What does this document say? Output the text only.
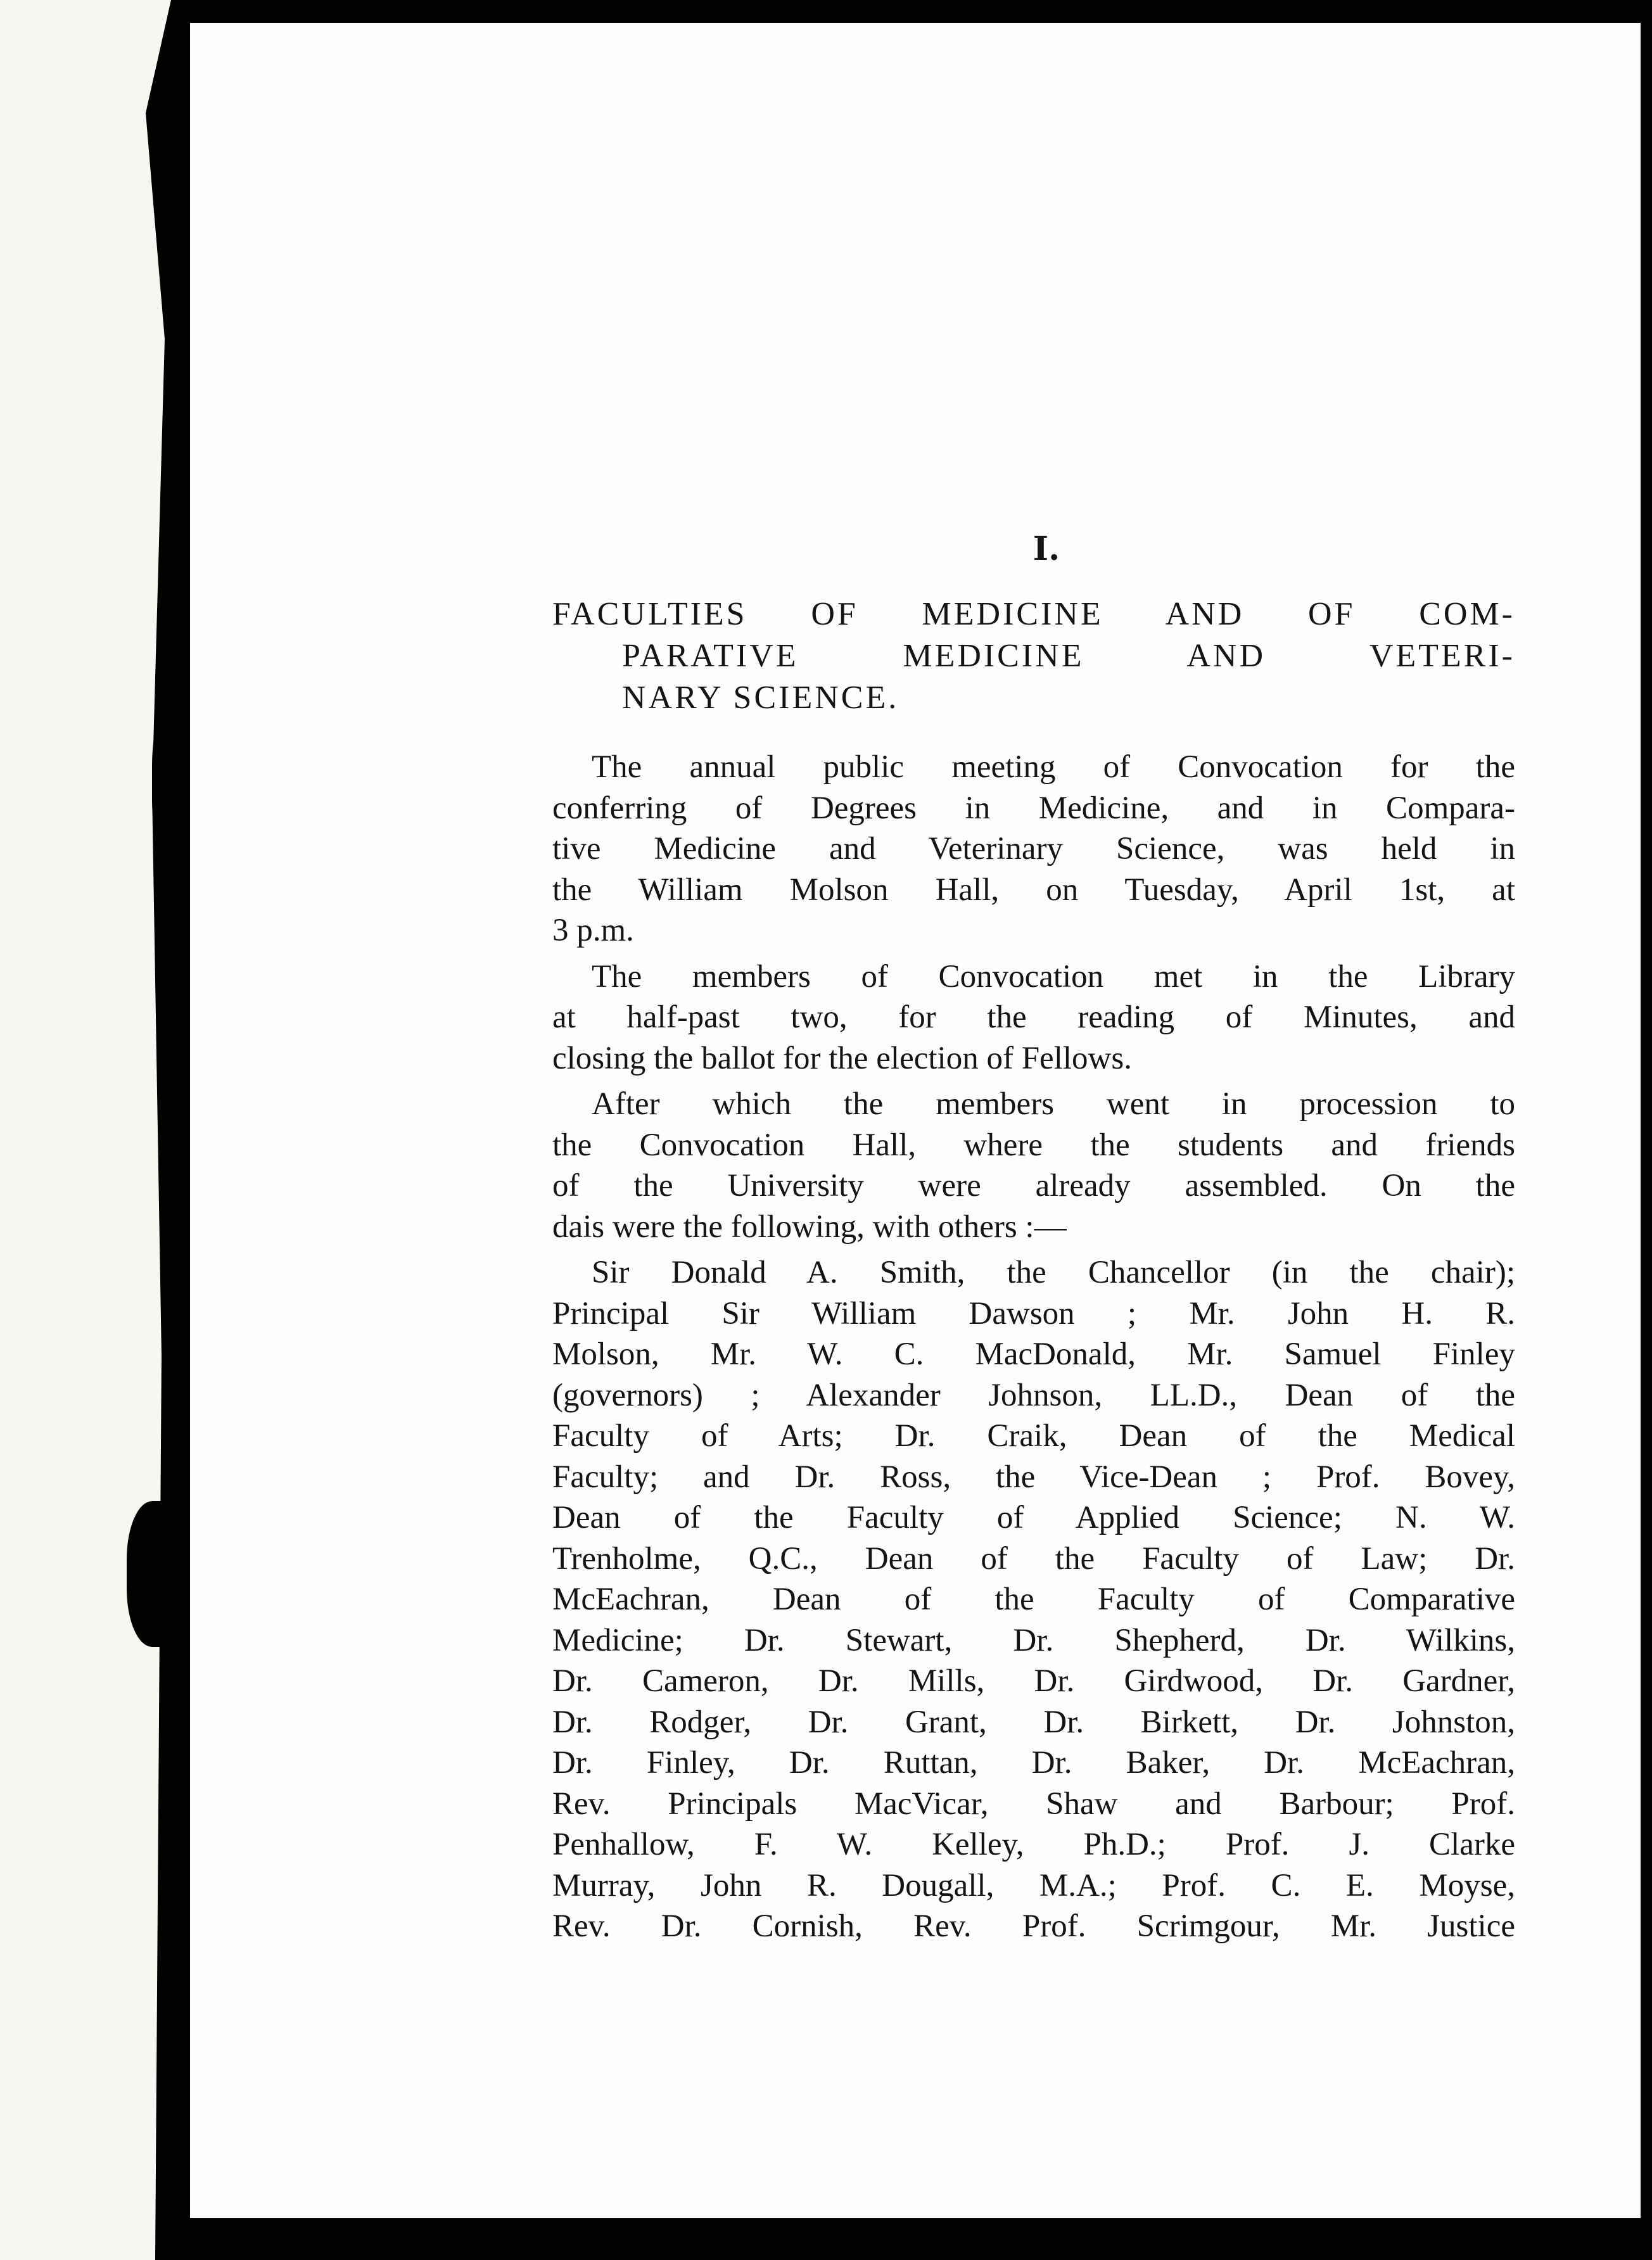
I.
FACULTIES OF MEDICINE AND OF COM-
PARATIVE MEDICINE AND VETERI-
NARY SCIENCE.
The annual public meeting of Convocation for the
conferring of Degrees in Medicine, and in Compara-
tive Medicine and Veterinary Science, was held in
the William Molson Hall, on Tuesday, April 1st, at
3 p.m.
The members of Convocation met in the Library
at half-past two, for the reading of Minutes, and
closing the ballot for the election of Fellows.
After which the members went in procession to
the Convocation Hall, where the students and friends
of the University were already assembled. On the
dais were the following, with others :—
Sir Donald A. Smith, the Chancellor (in the chair);
Principal Sir William Dawson ; Mr. John H. R.
Molson, Mr. W. C. MacDonald, Mr. Samuel Finley
(governors) ; Alexander Johnson, LL.D., Dean of the
Faculty of Arts; Dr. Craik, Dean of the Medical
Faculty; and Dr. Ross, the Vice-Dean ; Prof. Bovey,
Dean of the Faculty of Applied Science; N. W.
Trenholme, Q.C., Dean of the Faculty of Law; Dr.
McEachran, Dean of the Faculty of Comparative
Medicine; Dr. Stewart, Dr. Shepherd, Dr. Wilkins,
Dr. Cameron, Dr. Mills, Dr. Girdwood, Dr. Gardner,
Dr. Rodger, Dr. Grant, Dr. Birkett, Dr. Johnston,
Dr. Finley, Dr. Ruttan, Dr. Baker, Dr. McEachran,
Rev. Principals MacVicar, Shaw and Barbour; Prof.
Penhallow, F. W. Kelley, Ph.D.; Prof. J. Clarke
Murray, John R. Dougall, M.A.; Prof. C. E. Moyse,
Rev. Dr. Cornish, Rev. Prof. Scrimgour, Mr. Justice
